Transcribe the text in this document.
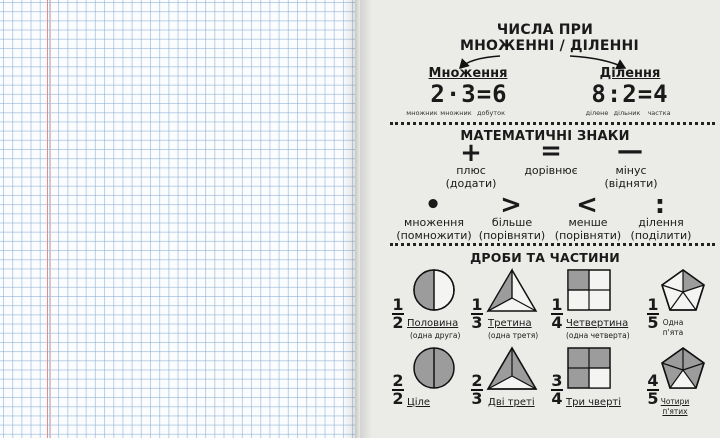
ЧИСЛА ПРИ
МНОЖЕННІ / ДІЛЕННІ
Множення
2·3=6
множник множник добуток
Ділення
8:2=4
ділене дільник	частка
МАТЕМАТИЧНІ ЗНАКИ
+
плюс
(додати)
=
дорівнює
—
мінус
(відняти)
•
множення
(помножити)
>
більше
(порівняти)
<
менше
(порівняти)
:
ділення
(поділити)
ДРОБИ ТА ЧАСТИНИ
1
2 Половина
(одна друга)
1
3 Третина
(одна третя)
1
4 Четвертина
(одна четверта)
1
5 Одна
п'ята
2
2 Ціле
2
3 Дві треті
3
4 Три чверті
4
5 Чотири
п'ятих
